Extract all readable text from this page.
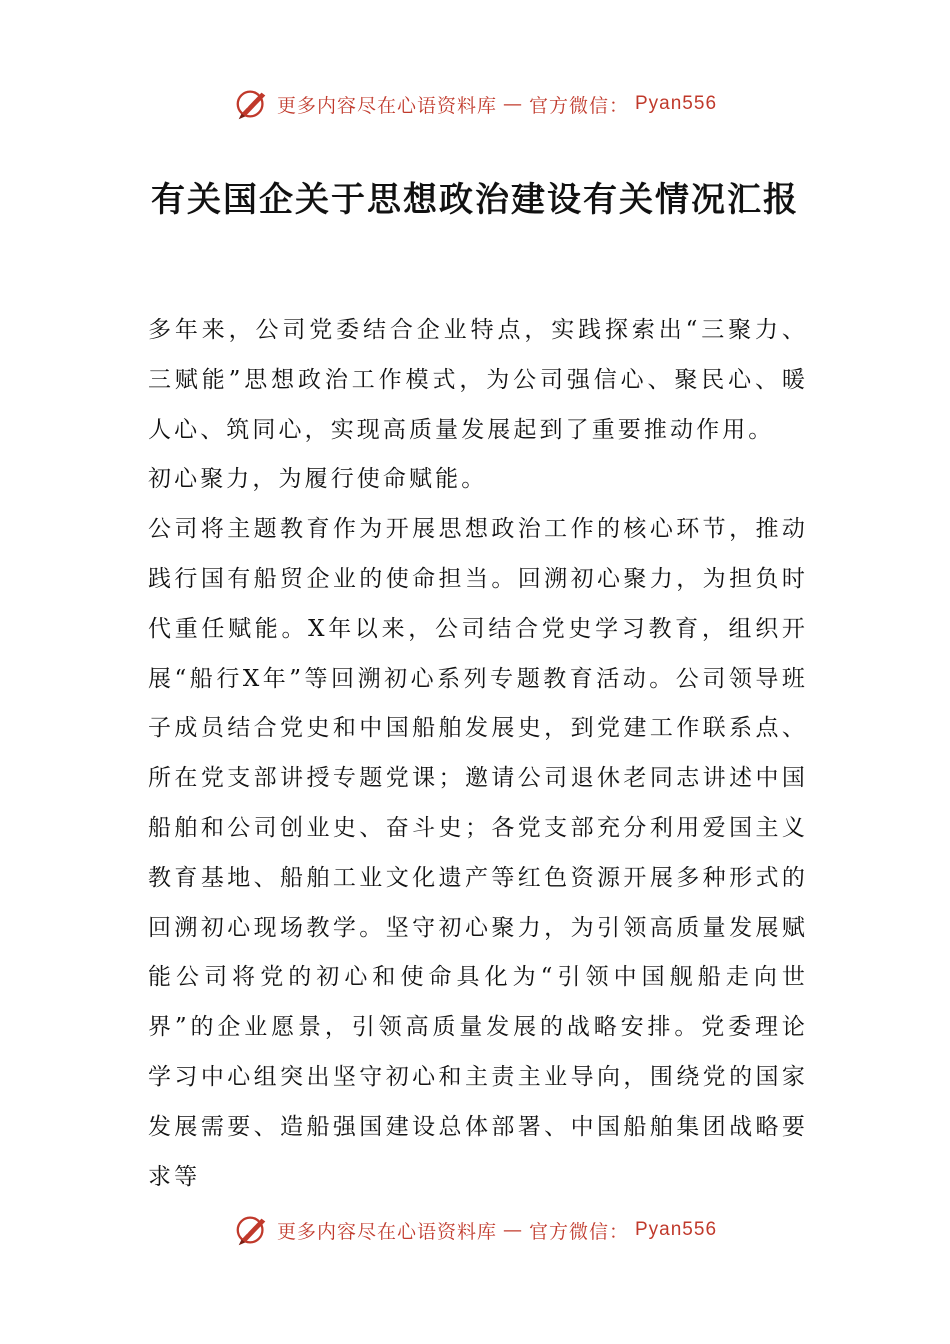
更多内容尽在心语资料库 — 官方微信： Pyan556
有关国企关于思想政治建设有关情况汇报

多年来，公司党委结合企业特点，实践探索出“三聚力、三赋能”思想政治工作模式，为公司强信心、聚民心、暖人心、筑同心，实现高质量发展起到了重要推动作用。

初心聚力，为履行使命赋能。

公司将主题教育作为开展思想政治工作的核心环节，推动践行国有船贸企业的使命担当。回溯初心聚力，为担负时代重任赋能。X年以来，公司结合党史学习教育，组织开展“船行X年”等回溯初心系列专题教育活动。公司领导班子成员结合党史和中国船舶发展史，到党建工作联系点、所在党支部讲授专题党课；邀请公司退休老同志讲述中国船舶和公司创业史、奋斗史；各党支部充分利用爱国主义教育基地、船舶工业文化遗产等红色资源开展多种形式的回溯初心现场教学。坚守初心聚力，为引领高质量发展赋能公司将党的初心和使命具化为“引领中国舰船走向世界”的企业愿景，引领高质量发展的战略安排。党委理论学习中心组突出坚守初心和主责主业导向，围绕党的国家发展需要、造船强国建设总体部署、中国船舶集团战略要求等

更多内容尽在心语资料库 — 官方微信： Pyan556
